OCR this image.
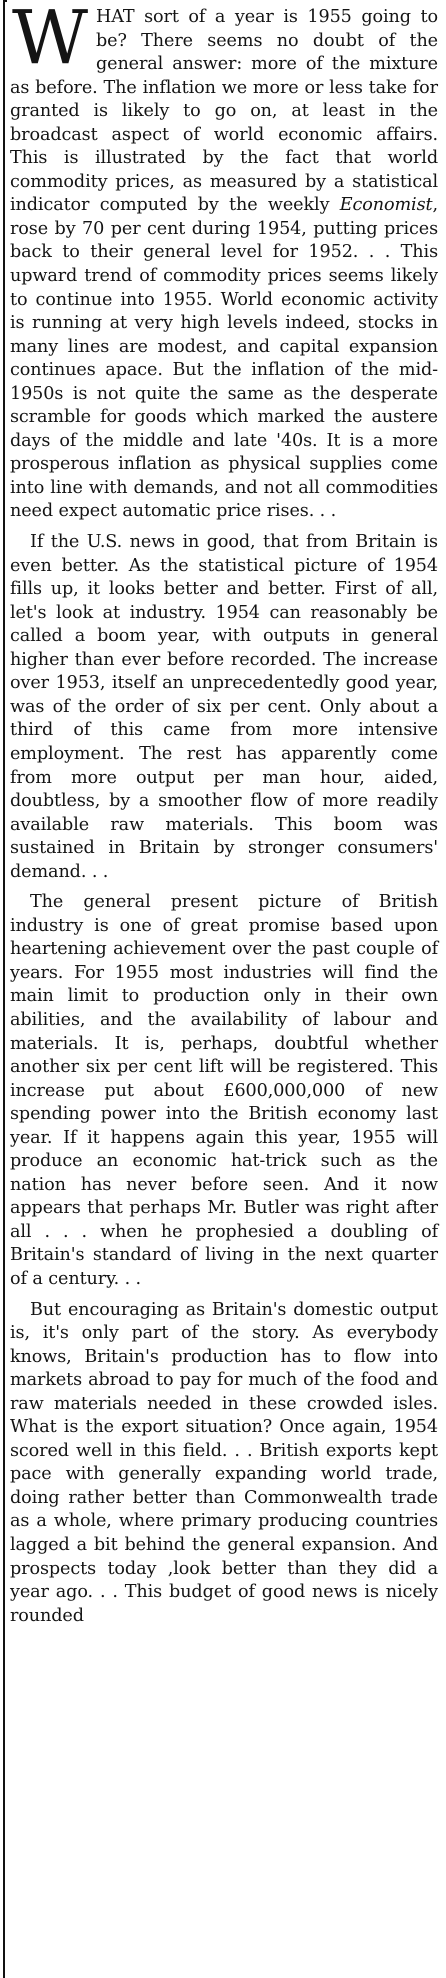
WHAT sort of a year is 1955 going to be? There seems no doubt of the general answer: more of the mixture as before. The inflation we more or less take for granted is likely to go on, at least in the broadcast aspect of world economic affairs. This is illustrated by the fact that world commodity prices, as measured by a statistical indicator computed by the weekly Economist, rose by 70 per cent during 1954, putting prices back to their general level for 1952. . . This upward trend of commodity prices seems likely to continue into 1955. World economic activity is running at very high levels indeed, stocks in many lines are modest, and capital expansion continues apace. But the inflation of the mid-1950s is not quite the same as the desperate scramble for goods which marked the austere days of the middle and late '40s. It is a more prosperous inflation as physical supplies come into line with demands, and not all commodities need expect automatic price rises. . .

If the U.S. news in good, that from Britain is even better. As the statistical picture of 1954 fills up, it looks better and better. First of all, let's look at industry. 1954 can reasonably be called a boom year, with outputs in general higher than ever before recorded. The increase over 1953, itself an unprecedentedly good year, was of the order of six per cent. Only about a third of this came from more intensive employment. The rest has apparently come from more output per man hour, aided, doubtless, by a smoother flow of more readily available raw materials. This boom was sustained in Britain by stronger consumers' demand. . .

The general present picture of British industry is one of great promise based upon heartening achievement over the past couple of years. For 1955 most industries will find the main limit to production only in their own abilities, and the availability of labour and materials. It is, perhaps, doubtful whether another six per cent lift will be registered. This increase put about £600,000,000 of new spending power into the British economy last year. If it happens again this year, 1955 will produce an economic hat-trick such as the nation has never before seen. And it now appears that perhaps Mr. Butler was right after all . . . when he prophesied a doubling of Britain's standard of living in the next quarter of a century. . .

But encouraging as Britain's domestic output is, it's only part of the story. As everybody knows, Britain's production has to flow into markets abroad to pay for much of the food and raw materials needed in these crowded isles. What is the export situation? Once again, 1954 scored well in this field. . . British exports kept pace with generally expanding world trade, doing rather better than Commonwealth trade as a whole, where primary producing countries lagged a bit behind the general expansion. And prospects today ,look better than they did a year ago. . . This budget of good news is nicely rounded
